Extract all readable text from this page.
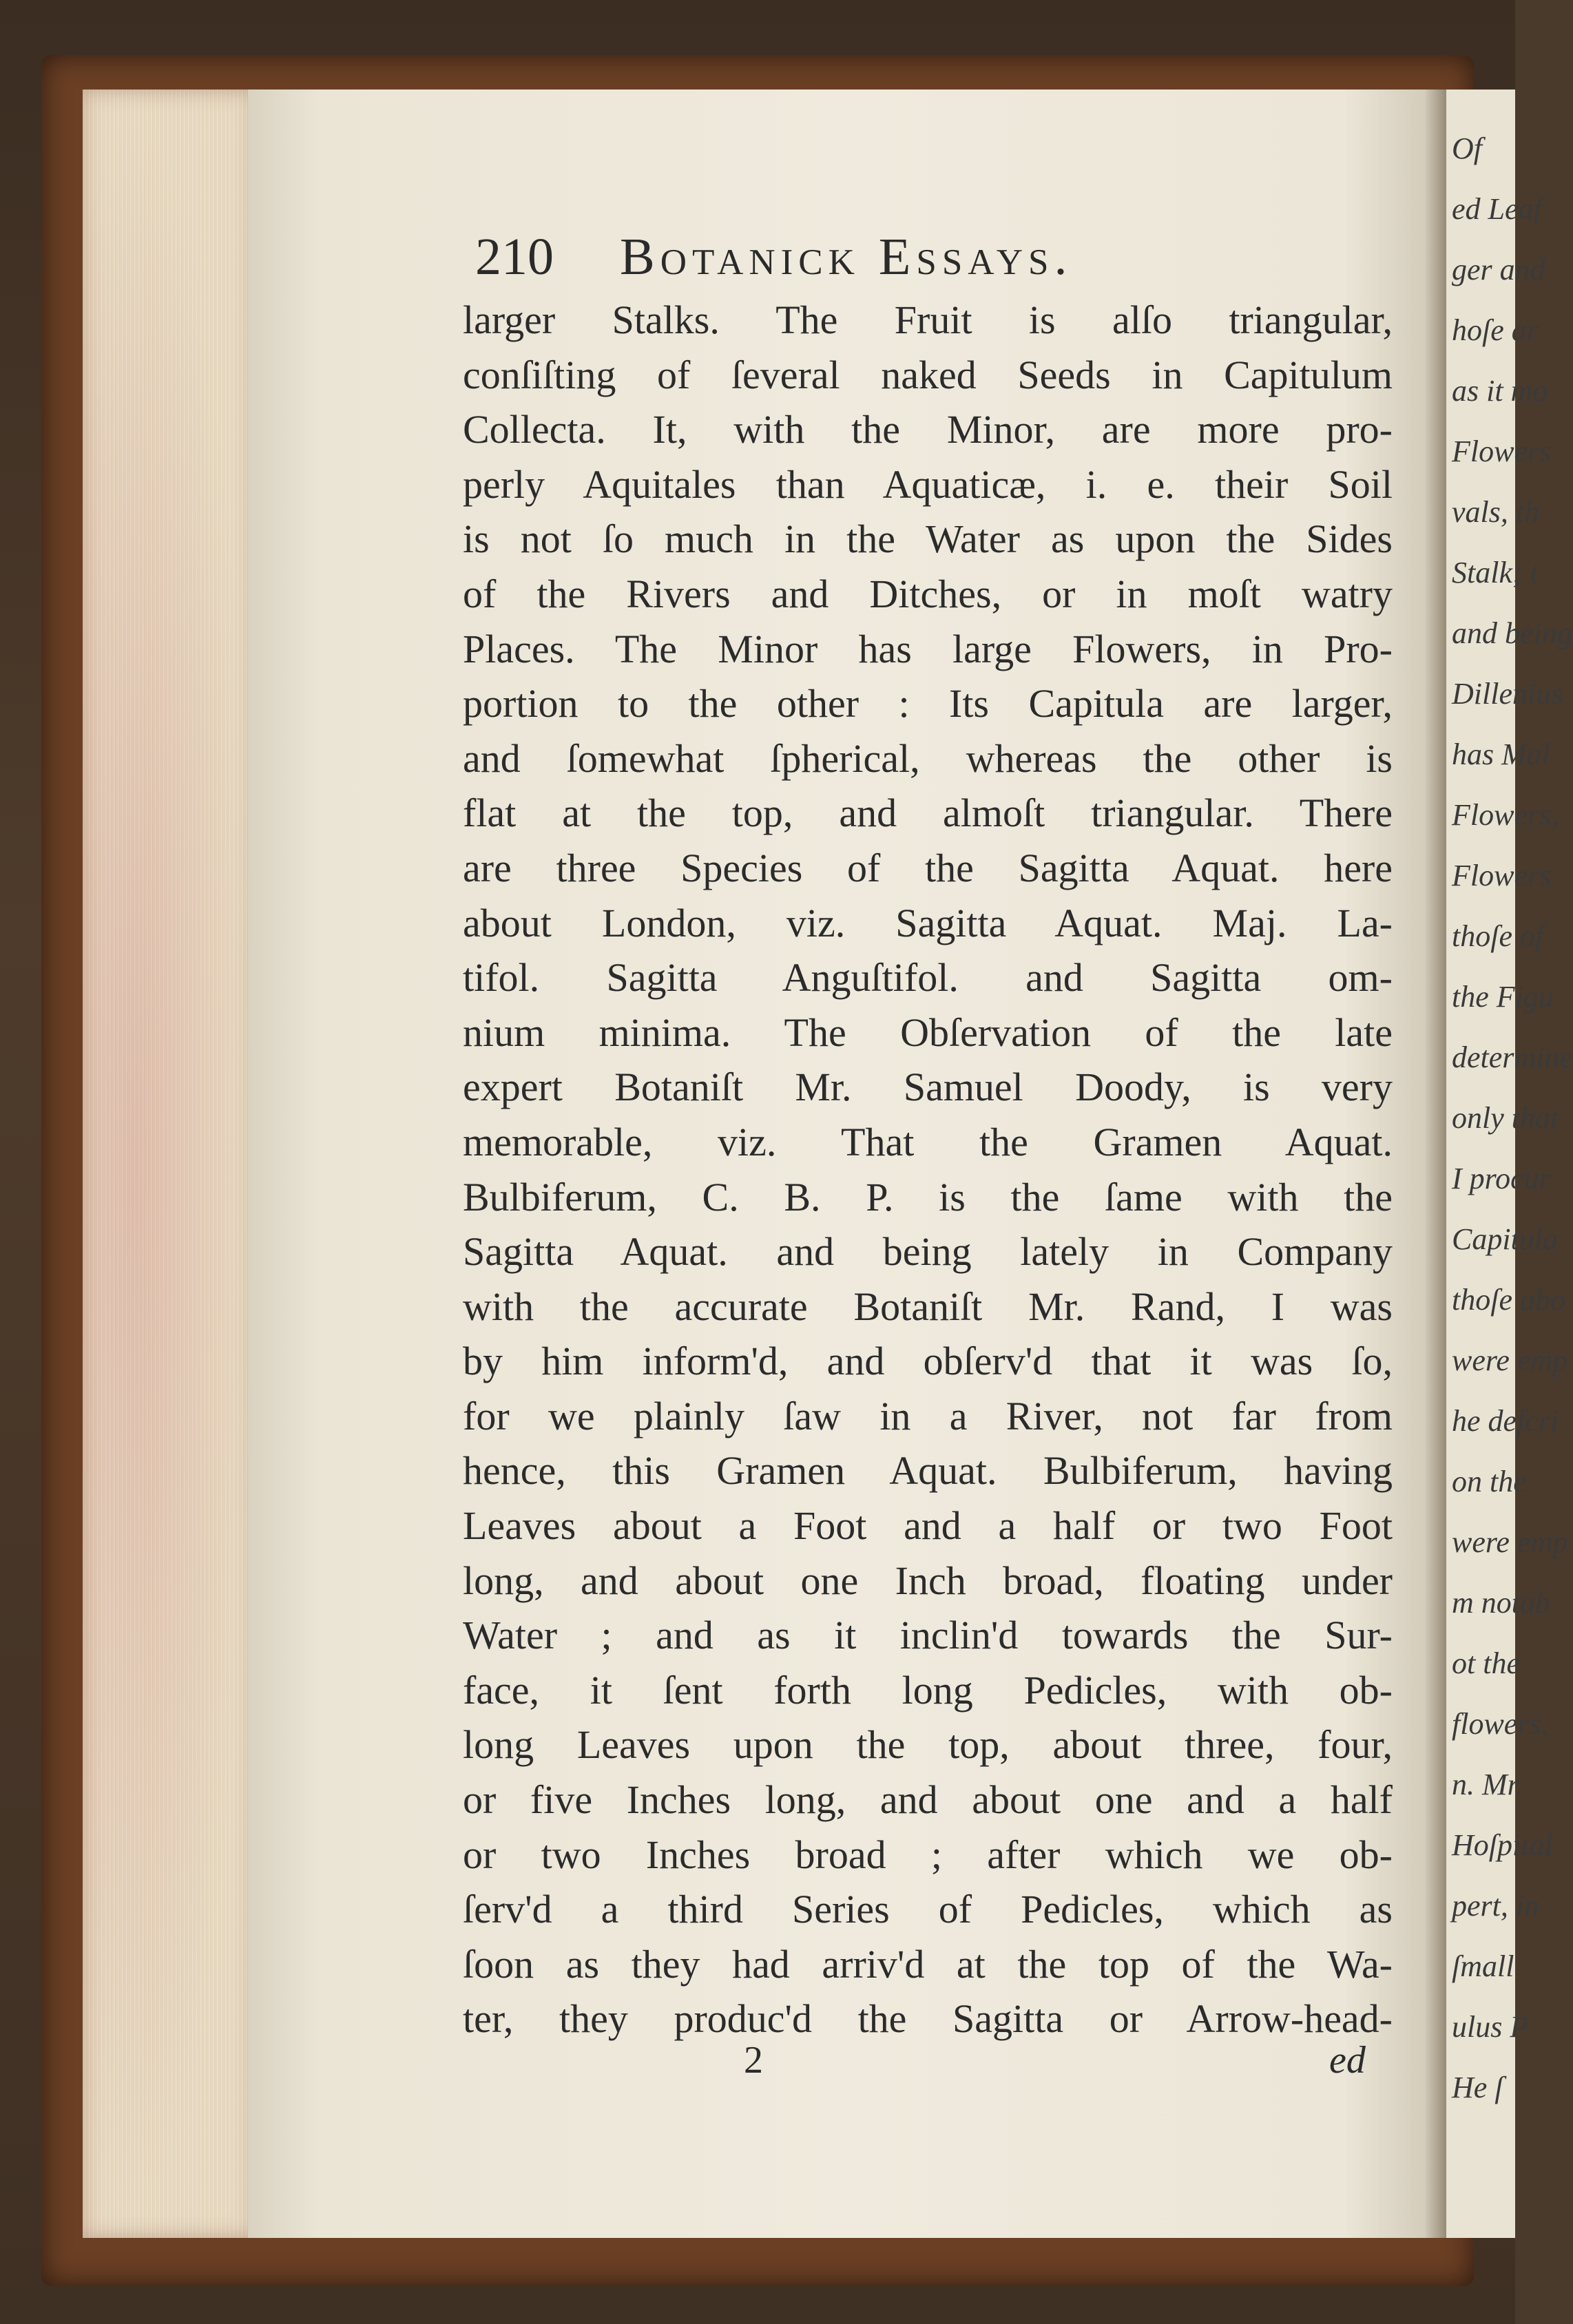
Of
ed Leaf
ger and
hoſe ar
as it mo
Flowers
vals, th
Stalk; t
and being
Dillenius
has Mal
Flowers,
Flowers
thoſe of
the Figu
determine
only that
I procur
Capitula
thoſe abo
were emp
he deſcri
on the
were emp
m notab
ot the
flowers,
n. Mr.
Hoſpital
pert, in
ſmall
ulus P
He ſ
210 Botanick Essays.
larger Stalks. The Fruit is alſo triangular,
conſiſting of ſeveral naked Seeds in Capitulum
Collecta. It, with the Minor, are more pro-
perly Aquitales than Aquaticæ, i. e. their Soil
is not ſo much in the Water as upon the Sides
of the Rivers and Ditches, or in moſt watry
Places. The Minor has large Flowers, in Pro-
portion to the other : Its Capitula are larger,
and ſomewhat ſpherical, whereas the other is
flat at the top, and almoſt triangular. There
are three Species of the Sagitta Aquat. here
about London, viz. Sagitta Aquat. Maj. La-
tifol. Sagitta Anguſtifol. and Sagitta om-
nium minima. The Obſervation of the late
expert Botaniſt Mr. Samuel Doody, is very
memorable, viz. That the Gramen Aquat.
Bulbiferum, C. B. P. is the ſame with the
Sagitta Aquat. and being lately in Company
with the accurate Botaniſt Mr. Rand, I was
by him inform'd, and obſerv'd that it was ſo,
for we plainly ſaw in a River, not far from
hence, this Gramen Aquat. Bulbiferum, having
Leaves about a Foot and a half or two Foot
long, and about one Inch broad, floating under
Water ; and as it inclin'd towards the Sur-
face, it ſent forth long Pedicles, with ob-
long Leaves upon the top, about three, four,
or five Inches long, and about one and a half
or two Inches broad ; after which we ob-
ſerv'd a third Series of Pedicles, which as
ſoon as they had arriv'd at the top of the Wa-
ter, they produc'd the Sagitta or Arrow-head-
2	ed
